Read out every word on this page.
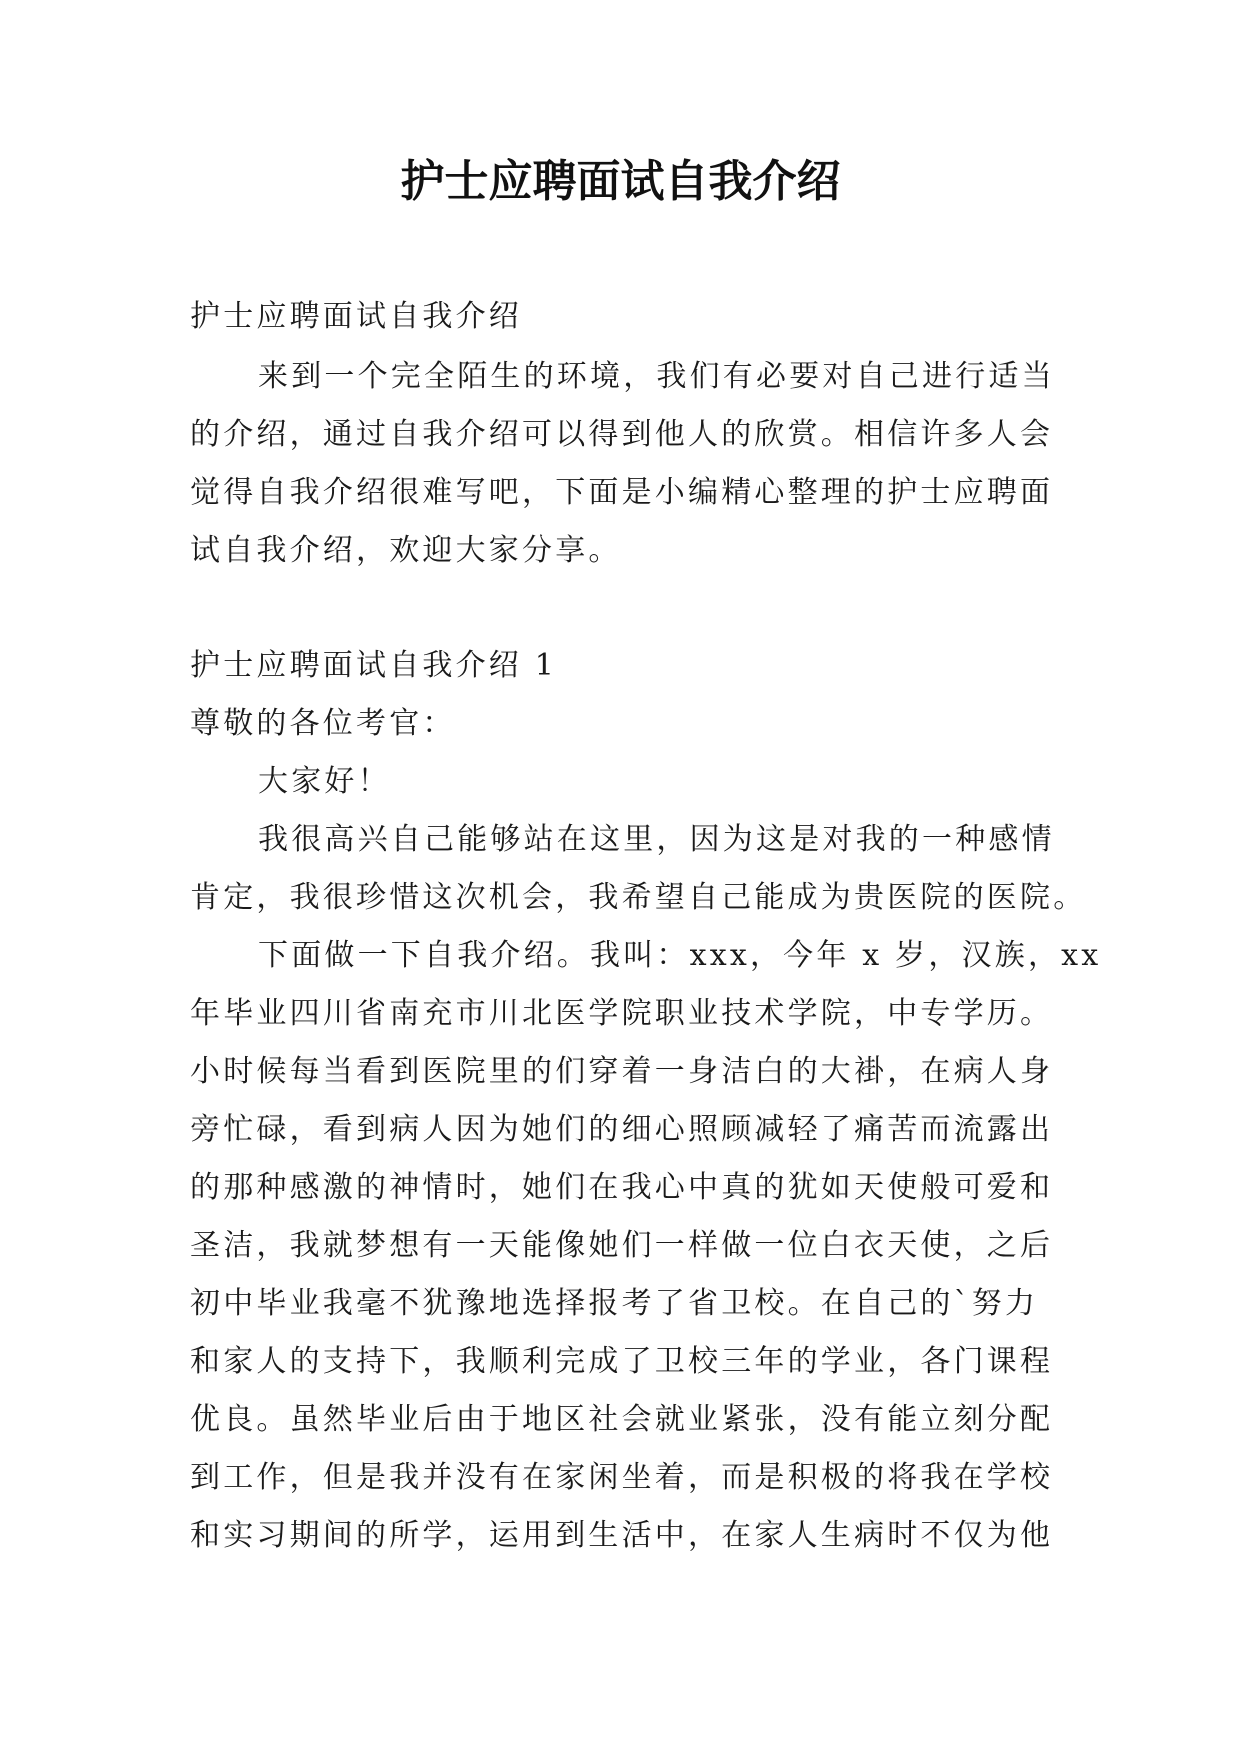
护士应聘面试自我介绍
护士应聘面试自我介绍
来到一个完全陌生的环境，我们有必要对自己进行适当
的介绍，通过自我介绍可以得到他人的欣赏。相信许多人会
觉得自我介绍很难写吧，下面是小编精心整理的护士应聘面
试自我介绍，欢迎大家分享。
护士应聘面试自我介绍 1
尊敬的各位考官：
大家好！
我很高兴自己能够站在这里，因为这是对我的一种感情
肯定，我很珍惜这次机会，我希望自己能成为贵医院的医院。
下面做一下自我介绍。我叫：xxx，今年 x 岁，汉族，xx
年毕业四川省南充市川北医学院职业技术学院，中专学历。
小时候每当看到医院里的们穿着一身洁白的大褂，在病人身
旁忙碌，看到病人因为她们的细心照顾减轻了痛苦而流露出
的那种感激的神情时，她们在我心中真的犹如天使般可爱和
圣洁，我就梦想有一天能像她们一样做一位白衣天使，之后
初中毕业我毫不犹豫地选择报考了省卫校。在自己的`努力
和家人的支持下，我顺利完成了卫校三年的学业，各门课程
优良。虽然毕业后由于地区社会就业紧张，没有能立刻分配
到工作，但是我并没有在家闲坐着，而是积极的将我在学校
和实习期间的所学，运用到生活中，在家人生病时不仅为他
